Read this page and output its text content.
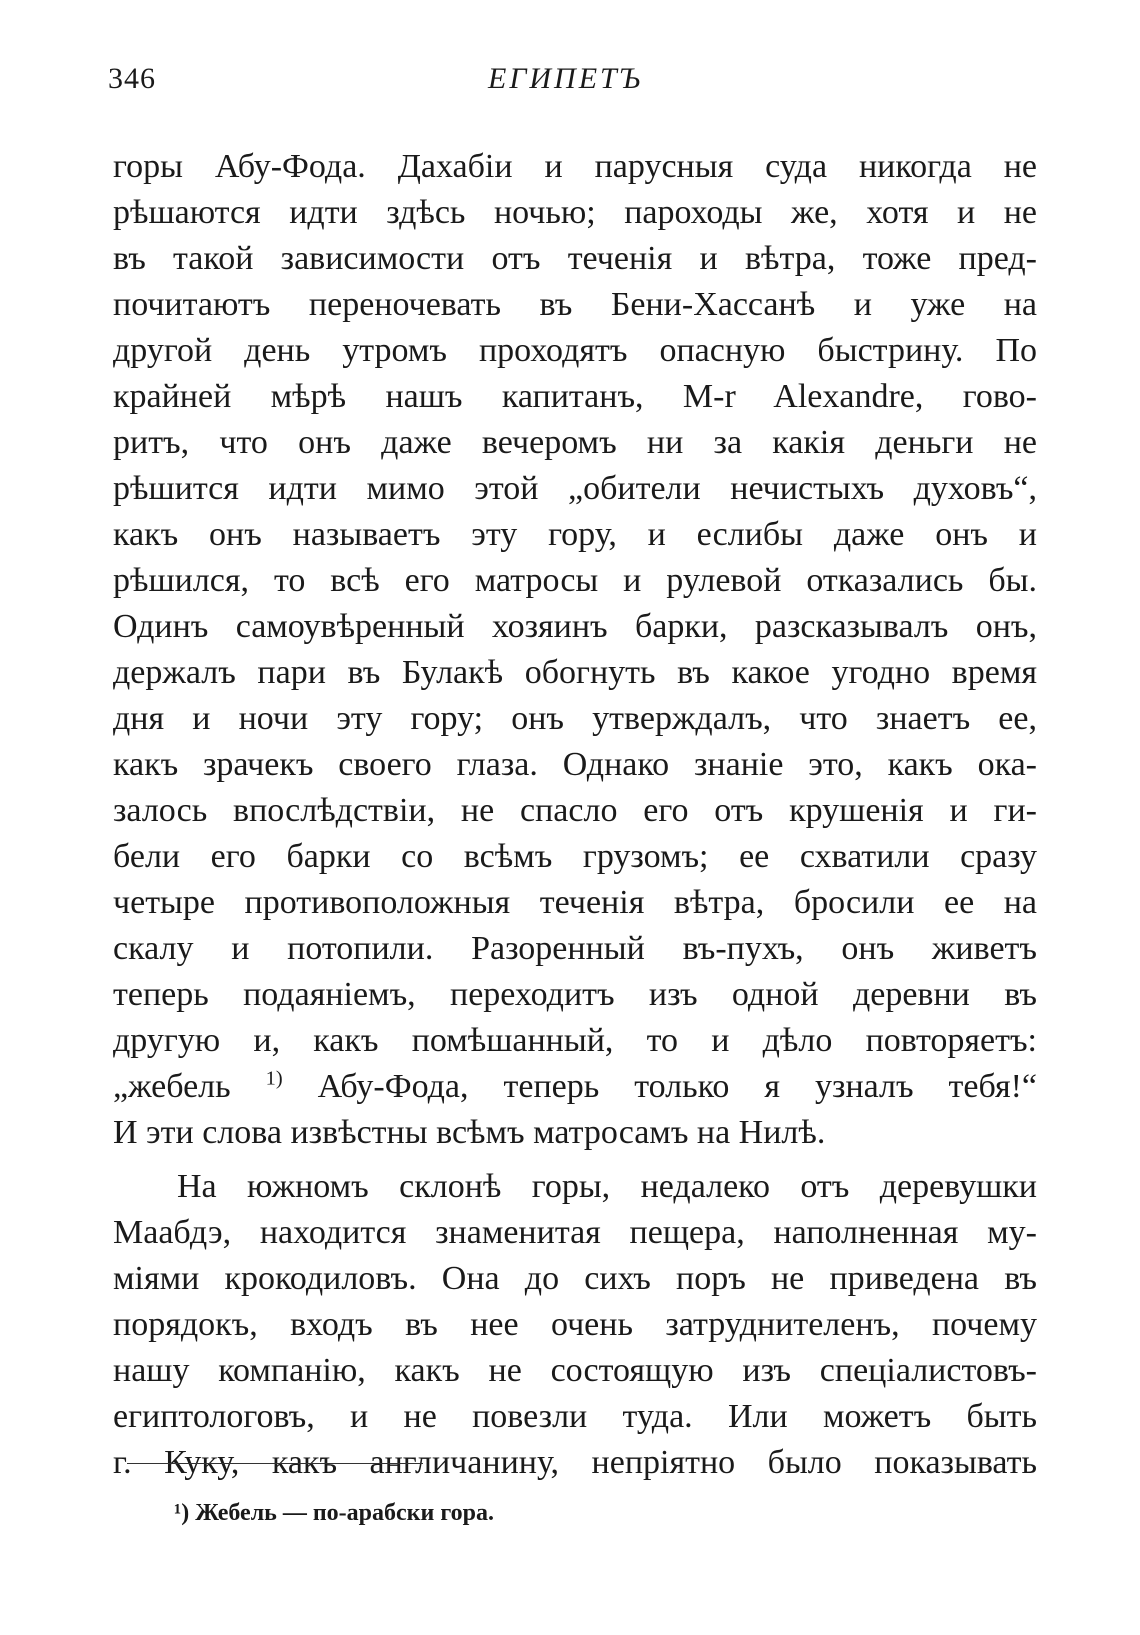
346	ЕГИПЕТЪ
горы Абу-Фода. Дахабіи и парусныя суда никогда не
рѣшаются идти здѣсь ночью; пароходы же, хотя и не
въ такой зависимости отъ теченія и вѣтра, тоже пред-
почитаютъ переночевать въ Бени-Хассанѣ и уже на
другой день утромъ проходятъ опасную быстрину. По
крайней мѣрѣ нашъ капитанъ, M-r Alexandre, гово-
ритъ, что онъ даже вечеромъ ни за какія деньги не
рѣшится идти мимо этой „обители нечистыхъ духовъ“,
какъ онъ называетъ эту гору, и еслибы даже онъ и
рѣшился, то всѣ его матросы и рулевой отказались бы.
Одинъ самоувѣренный хозяинъ барки, разсказывалъ онъ,
держалъ пари въ Булакѣ обогнуть въ какое угодно время
дня и ночи эту гору; онъ утверждалъ, что знаетъ ее,
какъ зрачекъ своего глаза. Однако знаніе это, какъ ока-
залось впослѣдствіи, не спасло его отъ крушенія и ги-
бели его барки со всѣмъ грузомъ; ее схватили сразу
четыре противоположныя теченія вѣтра, бросили ее на
скалу и потопили. Разоренный въ-пухъ, онъ живетъ
теперь подаяніемъ, переходитъ изъ одной деревни въ
другую и, какъ помѣшанный, то и дѣло повторяетъ:
„жебель $^{1)}$ Абу-Фода, теперь только я узналъ тебя!“
И эти слова извѣстны всѣмъ матросамъ на Нилѣ.
На южномъ склонѣ горы, недалеко отъ деревушки
Маабдэ, находится знаменитая пещера, наполненная му-
міями крокодиловъ. Она до сихъ поръ не приведена въ
порядокъ, входъ въ нее очень затруднителенъ, почему
нашу компанію, какъ не состоящую изъ спеціалистовъ-
египтологовъ, и не повезли туда. Или можетъ быть
г. Куку, какъ англичанину, непріятно было показывать
¹) Жебель — по-арабски гора.
